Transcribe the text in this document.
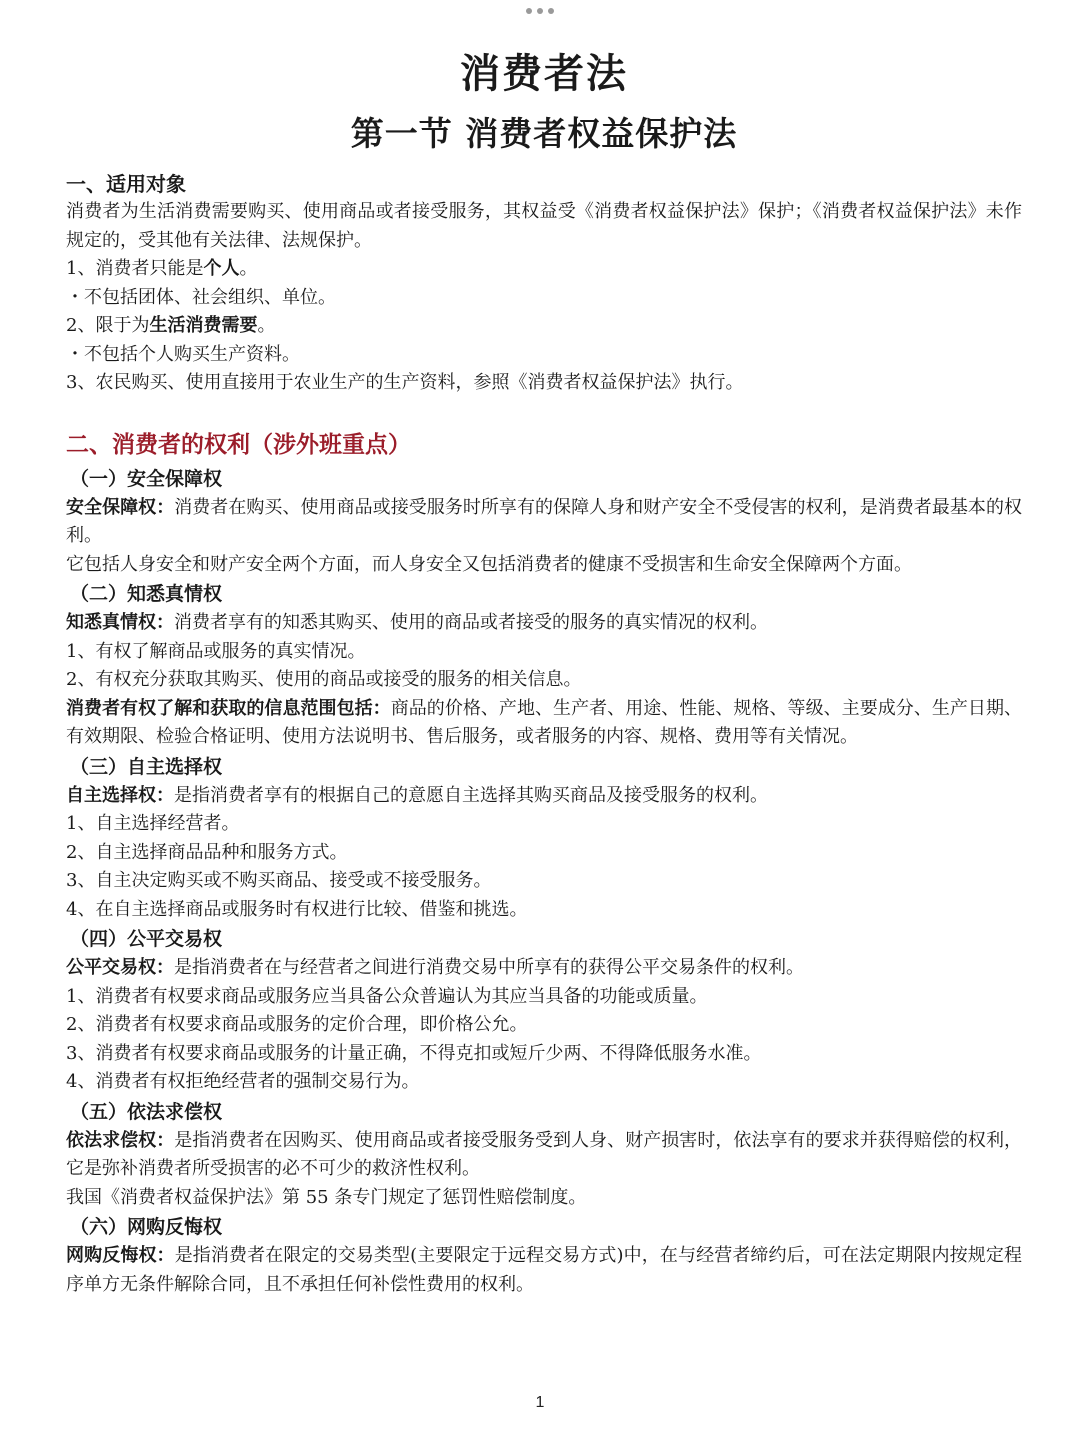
消费者法
第一节 消费者权益保护法
一、适用对象

消费者为生活消费需要购买、使用商品或者接受服务，其权益受《消费者权益保护法》保护；《消费者权益保护法》未作规定的，受其他有关法律、法规保护。

1、消费者只能是个人。

・不包括团体、社会组织、单位。

2、限于为生活消费需要。

・不包括个人购买生产资料。

3、农民购买、使用直接用于农业生产的生产资料，参照《消费者权益保护法》执行。

二、消费者的权利（涉外班重点）
（一）安全保障权

安全保障权：消费者在购买、使用商品或接受服务时所享有的保障人身和财产安全不受侵害的权利，是消费者最基本的权利。

它包括人身安全和财产安全两个方面，而人身安全又包括消费者的健康不受损害和生命安全保障两个方面。

（二）知悉真情权

知悉真情权：消费者享有的知悉其购买、使用的商品或者接受的服务的真实情况的权利。

1、有权了解商品或服务的真实情况。

2、有权充分获取其购买、使用的商品或接受的服务的相关信息。

消费者有权了解和获取的信息范围包括：商品的价格、产地、生产者、用途、性能、规格、等级、主要成分、生产日期、有效期限、检验合格证明、使用方法说明书、售后服务，或者服务的内容、规格、费用等有关情况。

（三）自主选择权

自主选择权：是指消费者享有的根据自己的意愿自主选择其购买商品及接受服务的权利。

1、自主选择经营者。

2、自主选择商品品种和服务方式。

3、自主决定购买或不购买商品、接受或不接受服务。

4、在自主选择商品或服务时有权进行比较、借鉴和挑选。

（四）公平交易权

公平交易权：是指消费者在与经营者之间进行消费交易中所享有的获得公平交易条件的权利。

1、消费者有权要求商品或服务应当具备公众普遍认为其应当具备的功能或质量。

2、消费者有权要求商品或服务的定价合理，即价格公允。

3、消费者有权要求商品或服务的计量正确，不得克扣或短斤少两、不得降低服务水准。

4、消费者有权拒绝经营者的强制交易行为。

（五）依法求偿权

依法求偿权：是指消费者在因购买、使用商品或者接受服务受到人身、财产损害时，依法享有的要求并获得赔偿的权利，它是弥补消费者所受损害的必不可少的救济性权利。

我国《消费者权益保护法》第 55 条专门规定了惩罚性赔偿制度。

（六）网购反悔权

网购反悔权：是指消费者在限定的交易类型(主要限定于远程交易方式)中，在与经营者缔约后，可在法定期限内按规定程序单方无条件解除合同，且不承担任何补偿性费用的权利。

1
